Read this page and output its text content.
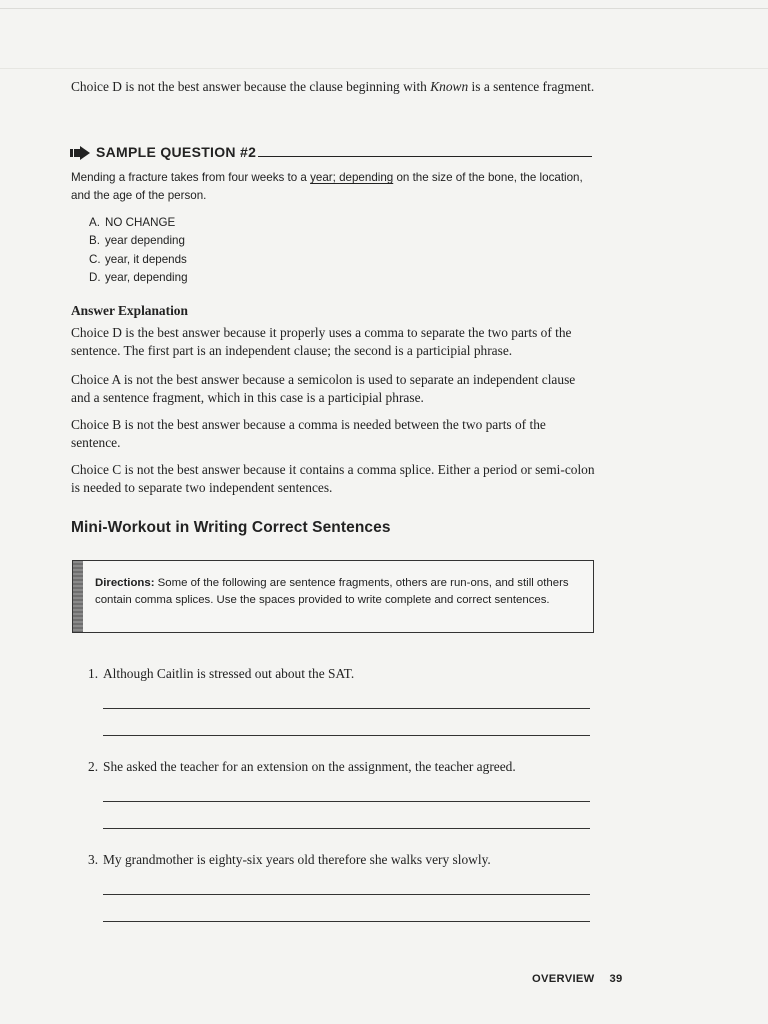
Choice D is not the best answer because the clause beginning with Known is a sentence fragment.
SAMPLE QUESTION #2
Mending a fracture takes from four weeks to a year; depending on the size of the bone, the location, and the age of the person.
A. NO CHANGE
B. year depending
C. year, it depends
D. year, depending
Answer Explanation
Choice D is the best answer because it properly uses a comma to separate the two parts of the sentence. The first part is an independent clause; the second is a participial phrase.
Choice A is not the best answer because a semicolon is used to separate an independent clause and a sentence fragment, which in this case is a participial phrase.
Choice B is not the best answer because a comma is needed between the two parts of the sentence.
Choice C is not the best answer because it contains a comma splice. Either a period or semi-colon is needed to separate two independent sentences.
Mini-Workout in Writing Correct Sentences
Directions: Some of the following are sentence fragments, others are run-ons, and still others contain comma splices. Use the spaces provided to write complete and correct sentences.
1. Although Caitlin is stressed out about the SAT.
2. She asked the teacher for an extension on the assignment, the teacher agreed.
3. My grandmother is eighty-six years old therefore she walks very slowly.
OVERVIEW 39
